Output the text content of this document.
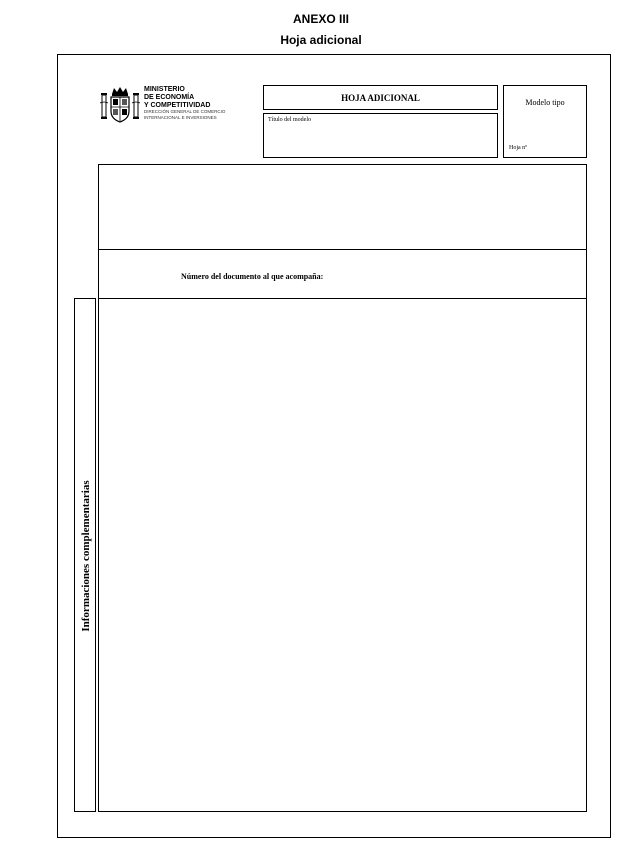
ANEXO III
Hoja adicional
MINISTERIO
DE ECONOMÍA
Y COMPETITIVIDAD
DIRECCIÓN GENERAL DE COMERCIO
INTERNACIONAL E INVERSIONES
HOJA ADICIONAL
Título del modelo
Modelo tipo
Hoja nº
Número del documento al que acompaña:
Informaciones complementarias
